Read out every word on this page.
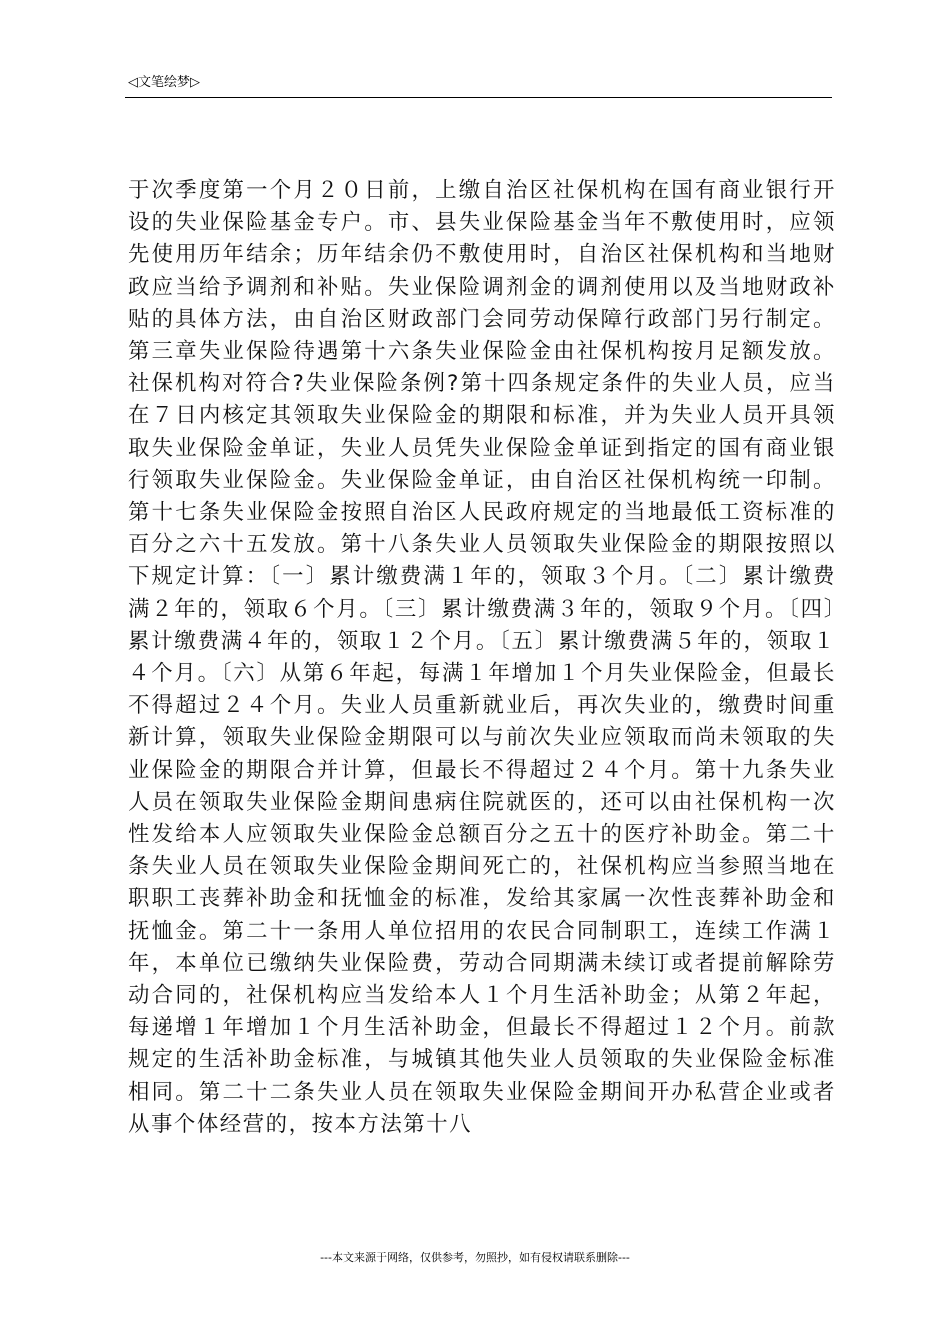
◁文笔绘梦▷

于次季度第一个月２０日前，上缴自治区社保机构在国有商业银行开设的失业保险基金专户。市、县失业保险基金当年不敷使用时，应领先使用历年结余；历年结余仍不敷使用时，自治区社保机构和当地财政应当给予调剂和补贴。失业保险调剂金的调剂使用以及当地财政补贴的具体方法，由自治区财政部门会同劳动保障行政部门另行制定。第三章失业保险待遇第十六条失业保险金由社保机构按月足额发放。社保机构对符合?失业保险条例?第十四条规定条件的失业人员，应当在７日内核定其领取失业保险金的期限和标准，并为失业人员开具领取失业保险金单证，失业人员凭失业保险金单证到指定的国有商业银行领取失业保险金。失业保险金单证，由自治区社保机构统一印制。第十七条失业保险金按照自治区人民政府规定的当地最低工资标准的百分之六十五发放。第十八条失业人员领取失业保险金的期限按照以下规定计算：〔一〕累计缴费满１年的，领取３个月。〔二〕累计缴费满２年的，领取６个月。〔三〕累计缴费满３年的，领取９个月。〔四〕累计缴费满４年的，领取１２个月。〔五〕累计缴费满５年的，领取１４个月。〔六〕从第６年起，每满１年增加１个月失业保险金，但最长不得超过２４个月。失业人员重新就业后，再次失业的，缴费时间重新计算，领取失业保险金期限可以与前次失业应领取而尚未领取的失业保险金的期限合并计算，但最长不得超过２４个月。第十九条失业人员在领取失业保险金期间患病住院就医的，还可以由社保机构一次性发给本人应领取失业保险金总额百分之五十的医疗补助金。第二十条失业人员在领取失业保险金期间死亡的，社保机构应当参照当地在职职工丧葬补助金和抚恤金的标准，发给其家属一次性丧葬补助金和抚恤金。第二十一条用人单位招用的农民合同制职工，连续工作满１年，本单位已缴纳失业保险费，劳动合同期满未续订或者提前解除劳动合同的，社保机构应当发给本人１个月生活补助金；从第２年起，每递增１年增加１个月生活补助金，但最长不得超过１２个月。前款规定的生活补助金标准，与城镇其他失业人员领取的失业保险金标准相同。第二十二条失业人员在领取失业保险金期间开办私营企业或者从事个体经营的，按本方法第十八

---本文来源于网络，仅供参考，勿照抄，如有侵权请联系删除---
